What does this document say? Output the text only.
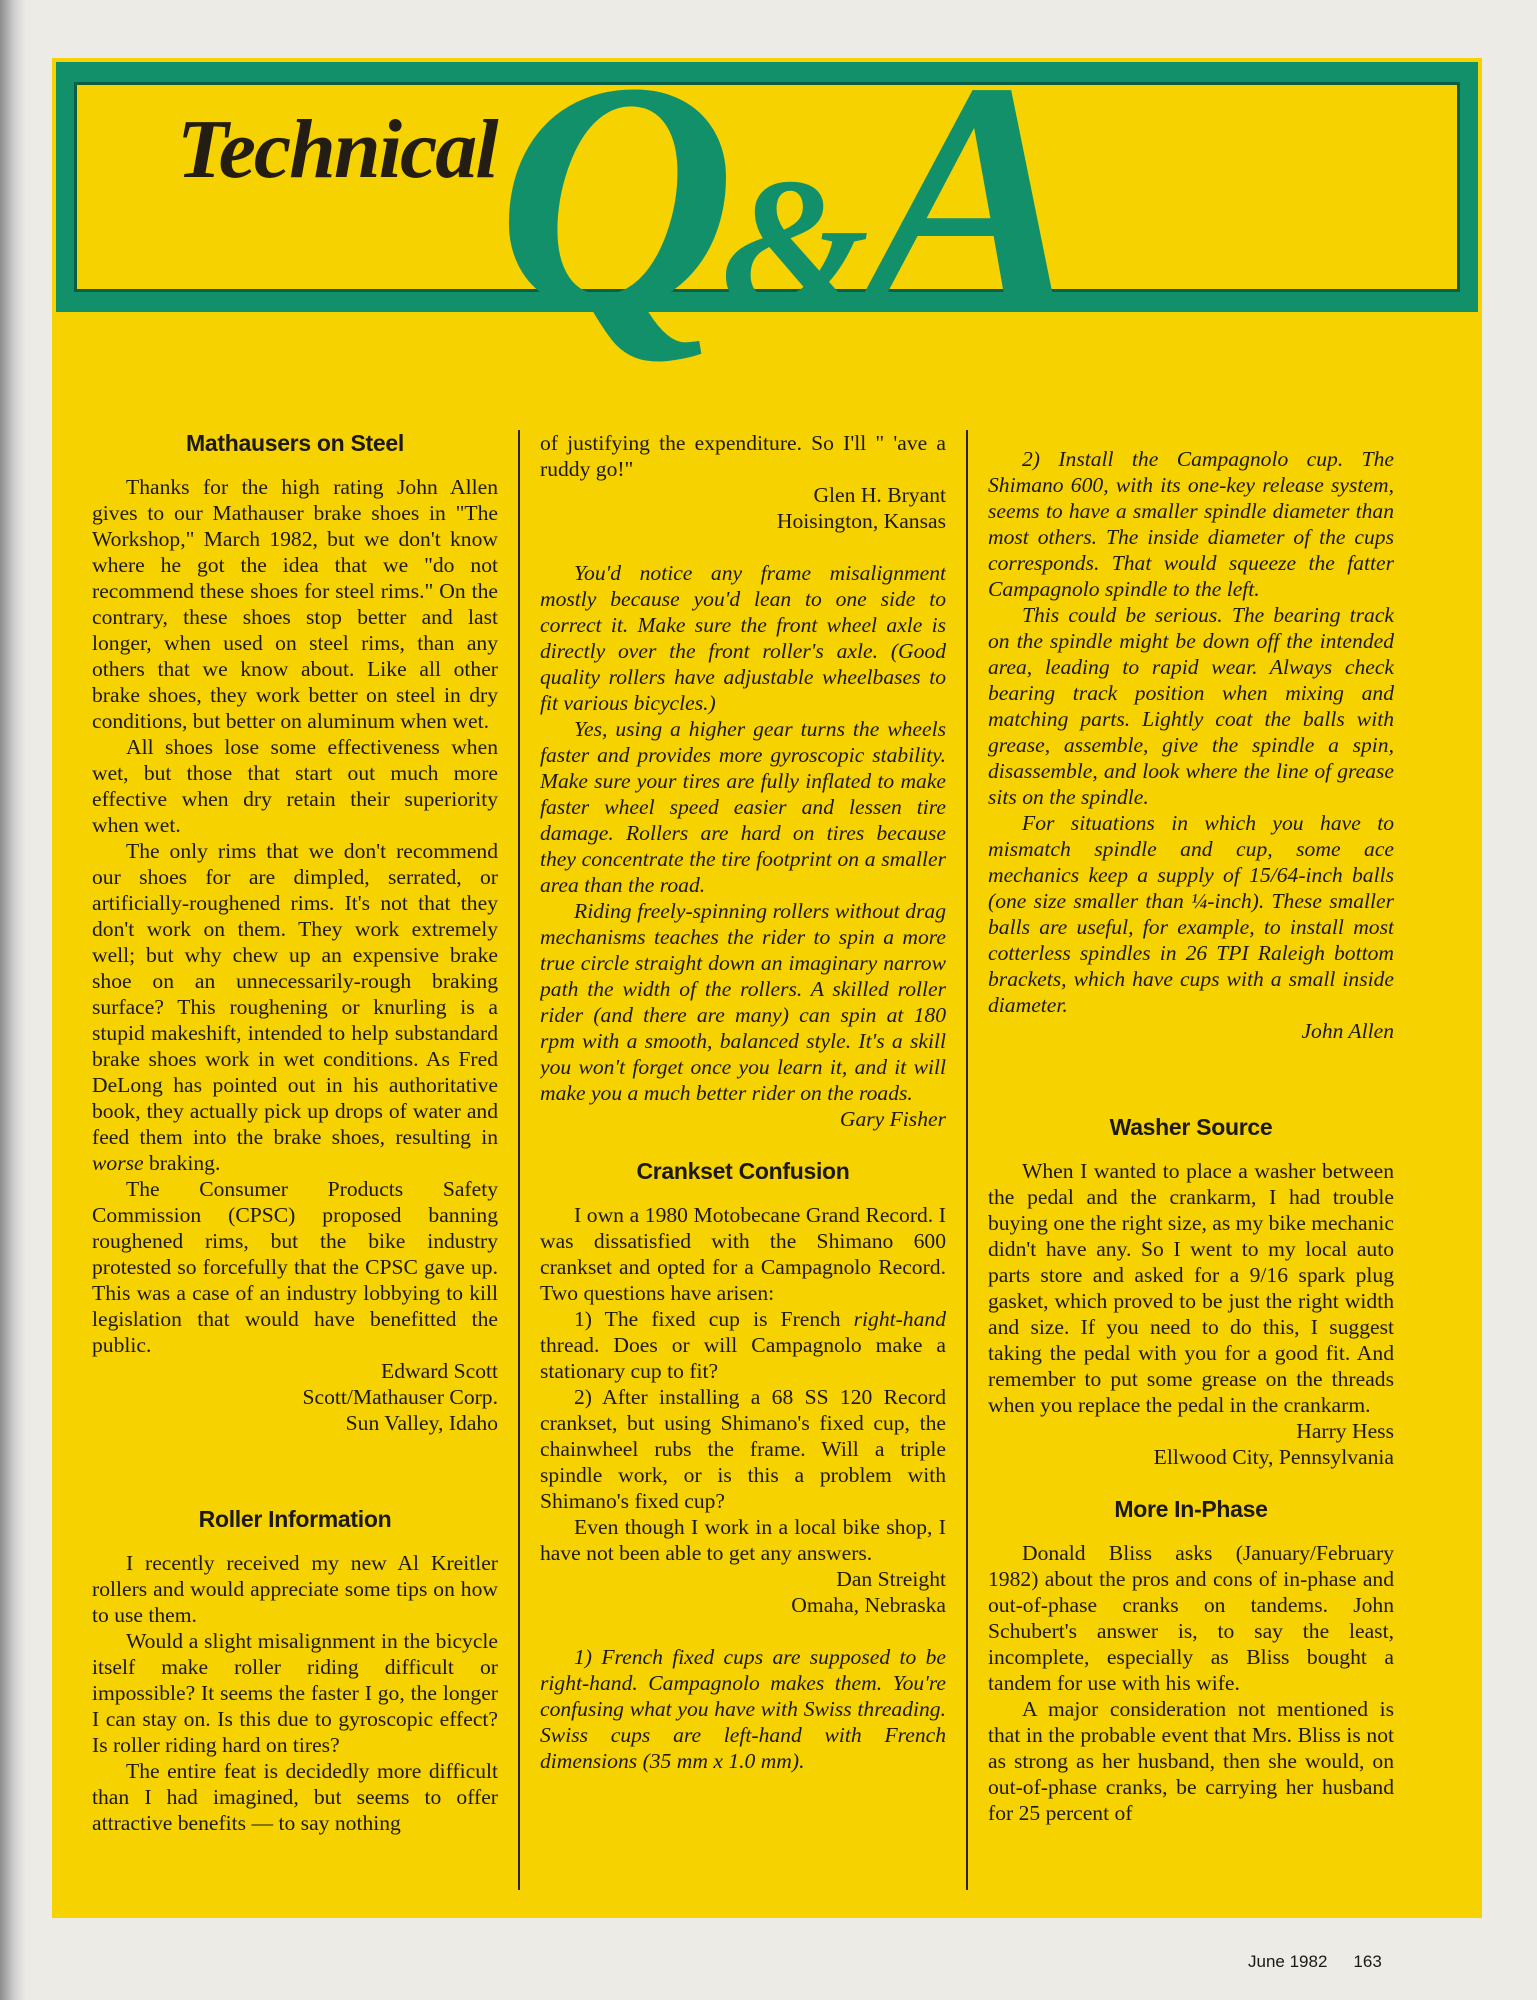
Technical Q&A
Mathausers on Steel

Thanks for the high rating John Allen gives to our Mathauser brake shoes in "The Workshop," March 1982, but we don't know where he got the idea that we "do not recommend these shoes for steel rims." On the contrary, these shoes stop better and last longer, when used on steel rims, than any others that we know about. Like all other brake shoes, they work better on steel in dry conditions, but better on aluminum when wet.

All shoes lose some effectiveness when wet, but those that start out much more effective when dry retain their superiority when wet.

The only rims that we don't recommend our shoes for are dimpled, serrated, or artificially-roughened rims. It's not that they don't work on them. They work extremely well; but why chew up an expensive brake shoe on an unnecessarily-rough braking surface? This roughening or knurling is a stupid makeshift, intended to help substandard brake shoes work in wet conditions. As Fred DeLong has pointed out in his authoritative book, they actually pick up drops of water and feed them into the brake shoes, resulting in worse braking.

The Consumer Products Safety Commission (CPSC) proposed banning roughened rims, but the bike industry protested so forcefully that the CPSC gave up. This was a case of an industry lobbying to kill legislation that would have benefitted the public.

Edward Scott

Scott/Mathauser Corp.

Sun Valley, Idaho

Roller Information

I recently received my new Al Kreitler rollers and would appreciate some tips on how to use them.

Would a slight misalignment in the bicycle itself make roller riding difficult or impossible? It seems the faster I go, the longer I can stay on. Is this due to gyroscopic effect? Is roller riding hard on tires?

The entire feat is decidedly more difficult than I had imagined, but seems to offer attractive benefits — to say nothing

of justifying the expenditure. So I'll " 'ave a ruddy go!"

Glen H. Bryant

Hoisington, Kansas

You'd notice any frame misalignment mostly because you'd lean to one side to correct it. Make sure the front wheel axle is directly over the front roller's axle. (Good quality rollers have adjustable wheelbases to fit various bicycles.)

Yes, using a higher gear turns the wheels faster and provides more gyroscopic stability. Make sure your tires are fully inflated to make faster wheel speed easier and lessen tire damage. Rollers are hard on tires because they concentrate the tire footprint on a smaller area than the road.

Riding freely-spinning rollers without drag mechanisms teaches the rider to spin a more true circle straight down an imaginary narrow path the width of the rollers. A skilled roller rider (and there are many) can spin at 180 rpm with a smooth, balanced style. It's a skill you won't forget once you learn it, and it will make you a much better rider on the roads.

Gary Fisher

Crankset Confusion

I own a 1980 Motobecane Grand Record. I was dissatisfied with the Shimano 600 crankset and opted for a Campagnolo Record. Two questions have arisen:

1) The fixed cup is French right-hand thread. Does or will Campagnolo make a stationary cup to fit?

2) After installing a 68 SS 120 Record crankset, but using Shimano's fixed cup, the chainwheel rubs the frame. Will a triple spindle work, or is this a problem with Shimano's fixed cup?

Even though I work in a local bike shop, I have not been able to get any answers.

Dan Streight

Omaha, Nebraska

1) French fixed cups are supposed to be right-hand. Campagnolo makes them. You're confusing what you have with Swiss threading. Swiss cups are left-hand with French dimensions (35 mm x 1.0 mm).

2) Install the Campagnolo cup. The Shimano 600, with its one-key release system, seems to have a smaller spindle diameter than most others. The inside diameter of the cups corresponds. That would squeeze the fatter Campagnolo spindle to the left.

This could be serious. The bearing track on the spindle might be down off the intended area, leading to rapid wear. Always check bearing track position when mixing and matching parts. Lightly coat the balls with grease, assemble, give the spindle a spin, disassemble, and look where the line of grease sits on the spindle.

For situations in which you have to mismatch spindle and cup, some ace mechanics keep a supply of 15/64-inch balls (one size smaller than ¼-inch). These smaller balls are useful, for example, to install most cotterless spindles in 26 TPI Raleigh bottom brackets, which have cups with a small inside diameter.

John Allen

Washer Source

When I wanted to place a washer between the pedal and the crankarm, I had trouble buying one the right size, as my bike mechanic didn't have any. So I went to my local auto parts store and asked for a 9/16 spark plug gasket, which proved to be just the right width and size. If you need to do this, I suggest taking the pedal with you for a good fit. And remember to put some grease on the threads when you replace the pedal in the crankarm.

Harry Hess

Ellwood City, Pennsylvania

More In-Phase

Donald Bliss asks (January/February 1982) about the pros and cons of in-phase and out-of-phase cranks on tandems. John Schubert's answer is, to say the least, incomplete, especially as Bliss bought a tandem for use with his wife.

A major consideration not mentioned is that in the probable event that Mrs. Bliss is not as strong as her husband, then she would, on out-of-phase cranks, be carrying her husband for 25 percent of

June 1982 163
